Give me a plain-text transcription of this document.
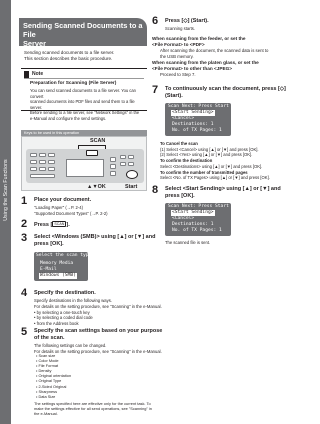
Using the Scan Functions
Sending Scanned Documents to a File
Server
Sending scanned documents to a file server.
This section describes the basic procedure.
Note
Preparation for Scanning (File Server)
You can send scanned documents to a file server. You can convert
scanned documents into PDF files and send them to a file server.
Before sending to a file server, see "Network Settings" in the
e-Manual and configure the send settings.
Keys to be used in this operation
SCAN
▲▼OK	Start
1 Place your document.
"Loading Paper" (→P. 2-4)
"Supported Document Types" (→P. 2-2)
2 Press [ SCAN ].
3 Select <Windows (SMB)> using [▲] or [▼] and
press [OK].
Select the scan type.
Memory Media
E-Mail
Windows (SMB)
4 Specify the destination.
Specify destinations in the following ways.
For details on the setting procedure, see "Scanning" in the e-Manual.
• by selecting a one-touch key
• by selecting a coded dial code
• from the Address book
5 Specify the scan settings based on your purpose
of the scan.
The following settings can be changed.
For details on the setting procedure, see "Scanning" in the e-Manual.
• Scan size
• Color Mode
• File Format
• Density
• Original orientation
• Original Type
• 2-Sided Original
• Sharpness
• Data Size
The settings specified here are effective only for the current task. To
make the settings effective for all send operations, see "Scanning" in
the e-Manual.
6 Press [◇] (Start).
Scanning starts.
When scanning from the feeder, or set the
<File Format> to <PDF>
After scanning the document, the scanned data is sent to
the USB memory.
When scanning from the platen glass, or set the
<File Format> to other than <JPEG>
Proceed to Step 7.
7 To continuously scan the document, press [◇]
(Start).
Scan Next: Press Start
<Start Sending>
<Cancel>
Destinations: 1
No. of TX Pages: 1
To Cancel the scan
(1) Select <Cancel> using [▲] or [▼] and press [OK].
(2) Select <Yes> using [▲] or [▼] and press [OK].
To confirm the destination
Select <Destinations> using [▲] or [▼] and press [OK].
To confirm the number of transmitted pages
Select <No. of TX Pages> using [▲] or [▼] and press [OK].
8 Select <Start Sending> using [▲] or [▼] and
press [OK].
Scan Next: Press Start
<Start Sending>
<Cancel>
Destinations: 1
No. of TX Pages: 1
The scanned file is sent.
